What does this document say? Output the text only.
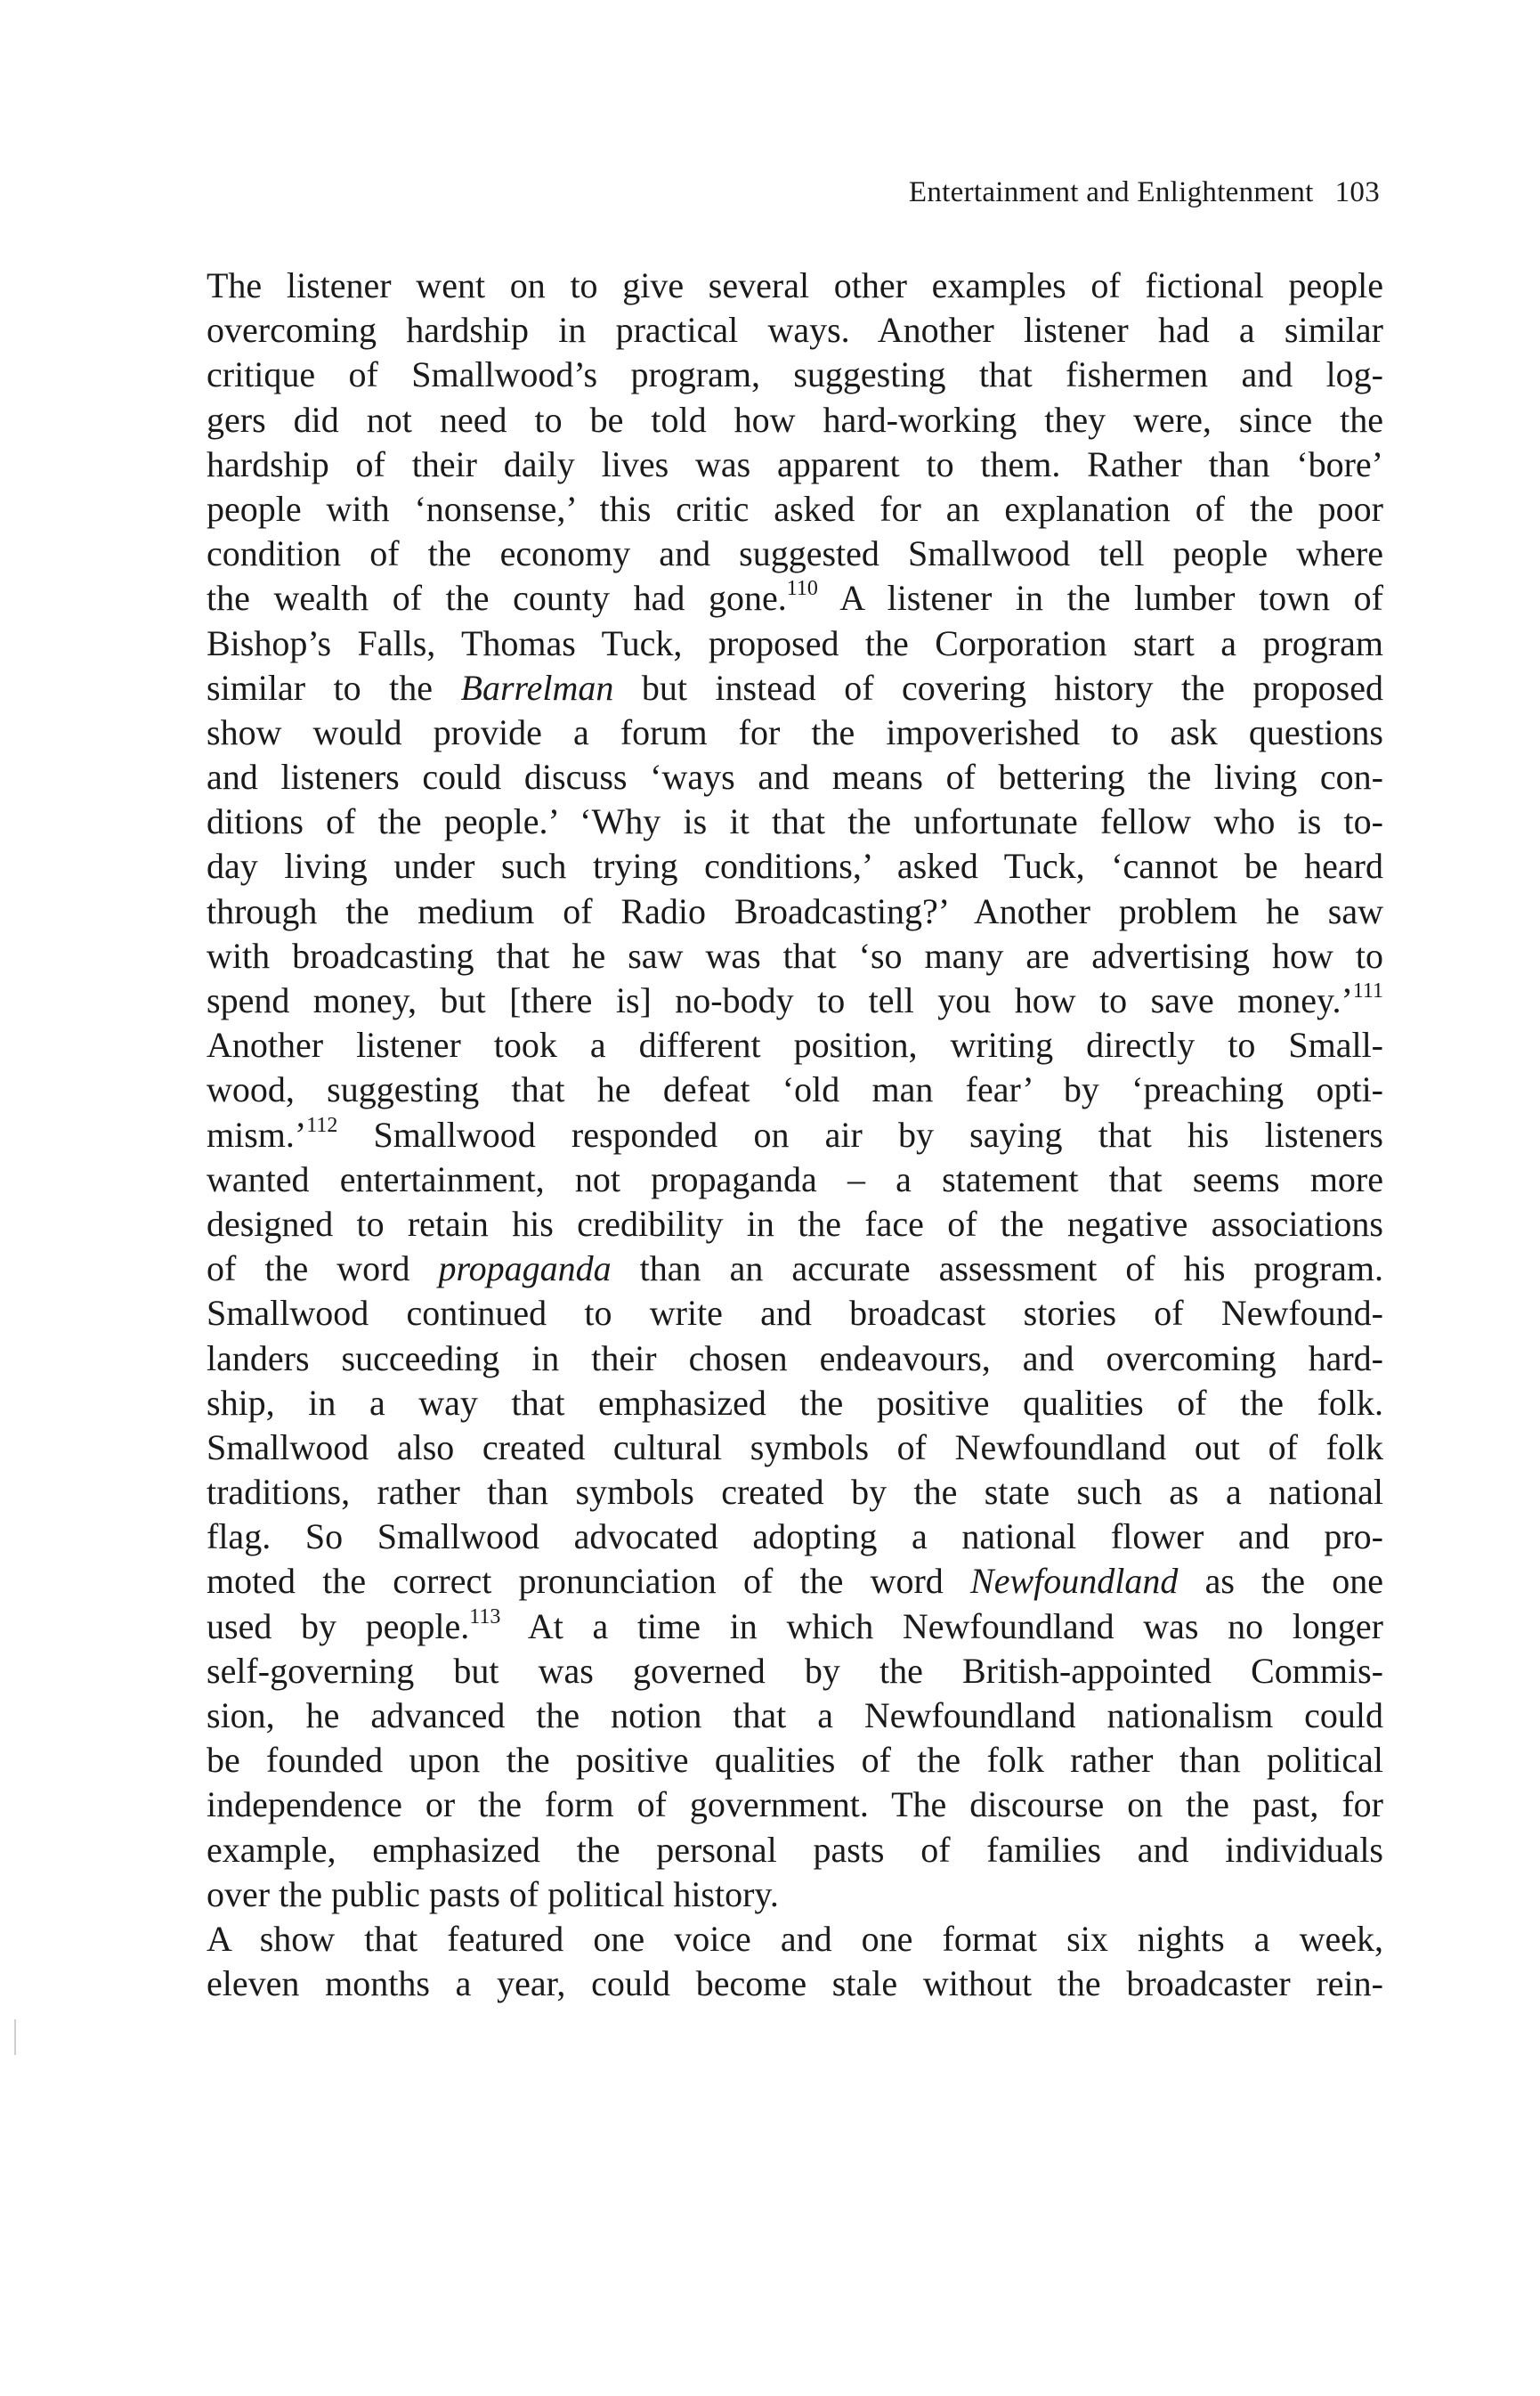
Entertainment and Enlightenment 103
The listener went on to give several other examples of fictional people
overcoming hardship in practical ways. Another listener had a similar
critique of Smallwood’s program, suggesting that fishermen and log-
gers did not need to be told how hard-working they were, since the
hardship of their daily lives was apparent to them. Rather than ‘bore’
people with ‘nonsense,’ this critic asked for an explanation of the poor
condition of the economy and suggested Smallwood tell people where
the wealth of the county had gone.$^{110}$ A listener in the lumber town of
Bishop’s Falls, Thomas Tuck, proposed the Corporation start a program
similar to the Barrelman but instead of covering history the proposed
show would provide a forum for the impoverished to ask questions
and listeners could discuss ‘ways and means of bettering the living con-
ditions of the people.’ ‘Why is it that the unfortunate fellow who is to-
day living under such trying conditions,’ asked Tuck, ‘cannot be heard
through the medium of Radio Broadcasting?’ Another problem he saw
with broadcasting that he saw was that ‘so many are advertising how to
spend money, but [there is] no-body to tell you how to save money.’$^{111}$
Another listener took a different position, writing directly to Small-
wood, suggesting that he defeat ‘old man fear’ by ‘preaching opti-
mism.’$^{112}$ Smallwood responded on air by saying that his listeners
wanted entertainment, not propaganda – a statement that seems more
designed to retain his credibility in the face of the negative associations
of the word propaganda than an accurate assessment of his program.
Smallwood continued to write and broadcast stories of Newfound-
landers succeeding in their chosen endeavours, and overcoming hard-
ship, in a way that emphasized the positive qualities of the folk.
Smallwood also created cultural symbols of Newfoundland out of folk
traditions, rather than symbols created by the state such as a national
flag. So Smallwood advocated adopting a national flower and pro-
moted the correct pronunciation of the word Newfoundland as the one
used by people.$^{113}$ At a time in which Newfoundland was no longer
self-governing but was governed by the British-appointed Commis-
sion, he advanced the notion that a Newfoundland nationalism could
be founded upon the positive qualities of the folk rather than political
independence or the form of government. The discourse on the past, for
example, emphasized the personal pasts of families and individuals
over the public pasts of political history.
A show that featured one voice and one format six nights a week,
eleven months a year, could become stale without the broadcaster rein-
